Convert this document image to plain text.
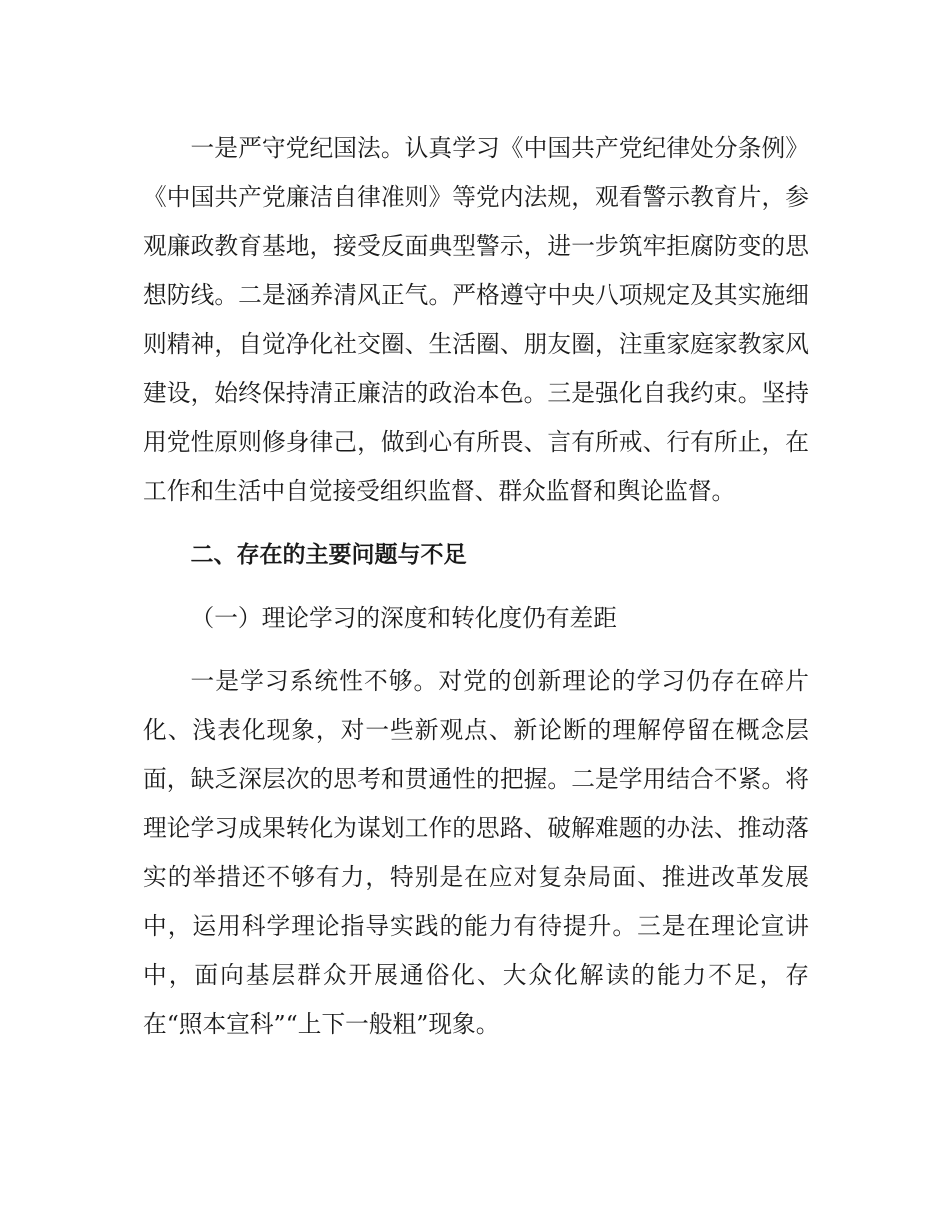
一是严守党纪国法。认真学习《中国共产党纪律处分条例》《中国共产党廉洁自律准则》等党内法规，观看警示教育片，参观廉政教育基地，接受反面典型警示，进一步筑牢拒腐防变的思想防线。二是涵养清风正气。严格遵守中央八项规定及其实施细则精神，自觉净化社交圈、生活圈、朋友圈，注重家庭家教家风建设，始终保持清正廉洁的政治本色。三是强化自我约束。坚持用党性原则修身律己，做到心有所畏、言有所戒、行有所止，在工作和生活中自觉接受组织监督、群众监督和舆论监督。

二、存在的主要问题与不足

（一）理论学习的深度和转化度仍有差距

一是学习系统性不够。对党的创新理论的学习仍存在碎片化、浅表化现象，对一些新观点、新论断的理解停留在概念层面，缺乏深层次的思考和贯通性的把握。二是学用结合不紧。将理论学习成果转化为谋划工作的思路、破解难题的办法、推动落实的举措还不够有力，特别是在应对复杂局面、推进改革发展中，运用科学理论指导实践的能力有待提升。三是在理论宣讲中，面向基层群众开展通俗化、大众化解读的能力不足，存在“照本宣科”“上下一般粗”现象。
